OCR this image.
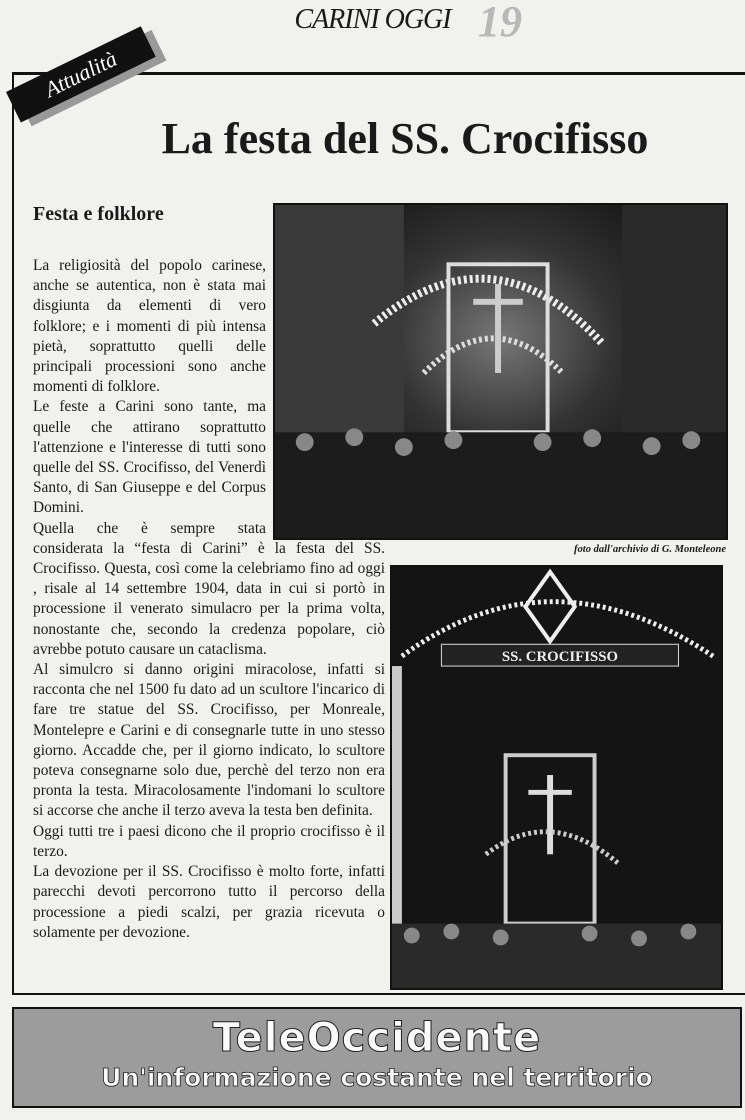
CARINI OGGI 19
Attualità
La festa del SS. Crocifisso
Festa e folklore

La religiosità del popolo carinese, anche se autentica, non è stata mai disgiunta da elementi di vero folklore; e i momenti di più intensa pietà, soprattutto quelli delle principali processioni sono anche momenti di folklore.

Le feste a Carini sono tante, ma quelle che attirano soprattutto l'attenzione e l'interesse di tutti sono quelle del SS. Crocifisso, del Venerdì Santo, di San Giuseppe e del Corpus Domini.

Quella che è sempre stata

considerata la “festa di Carini” è la festa del SS. Crocifisso. Questa, così come la celebriamo fino ad oggi , risale al 14 settembre 1904, data in cui si portò in processione il venerato simulacro per la prima volta, nonostante che, secondo la credenza popolare, ciò avrebbe potuto causare un cataclisma.

Al simulcro si danno origini miracolose, infatti si racconta che nel 1500 fu dato ad un scultore l'incarico di fare tre statue del SS. Crocifisso, per Monreale, Montelepre e Carini e di consegnarle tutte in uno stesso giorno. Accadde che, per il giorno indicato, lo scultore poteva consegnarne solo due, perchè del terzo non era pronta la testa. Miracolosamente l'indomani lo scultore si accorse che anche il terzo aveva la testa ben definita.

Oggi tutti tre i paesi dicono che il proprio crocifisso è il terzo.

La devozione per il SS. Crocifisso è molto forte, infatti parecchi devoti percorrono tutto il percorso della processione a piedi scalzi, per grazia ricevuta o solamente per devozione.

foto dall'archivio di G. Monteleone
SS. CROCIFISSO
TeleOccidente
Un'informazione costante nel territorio
